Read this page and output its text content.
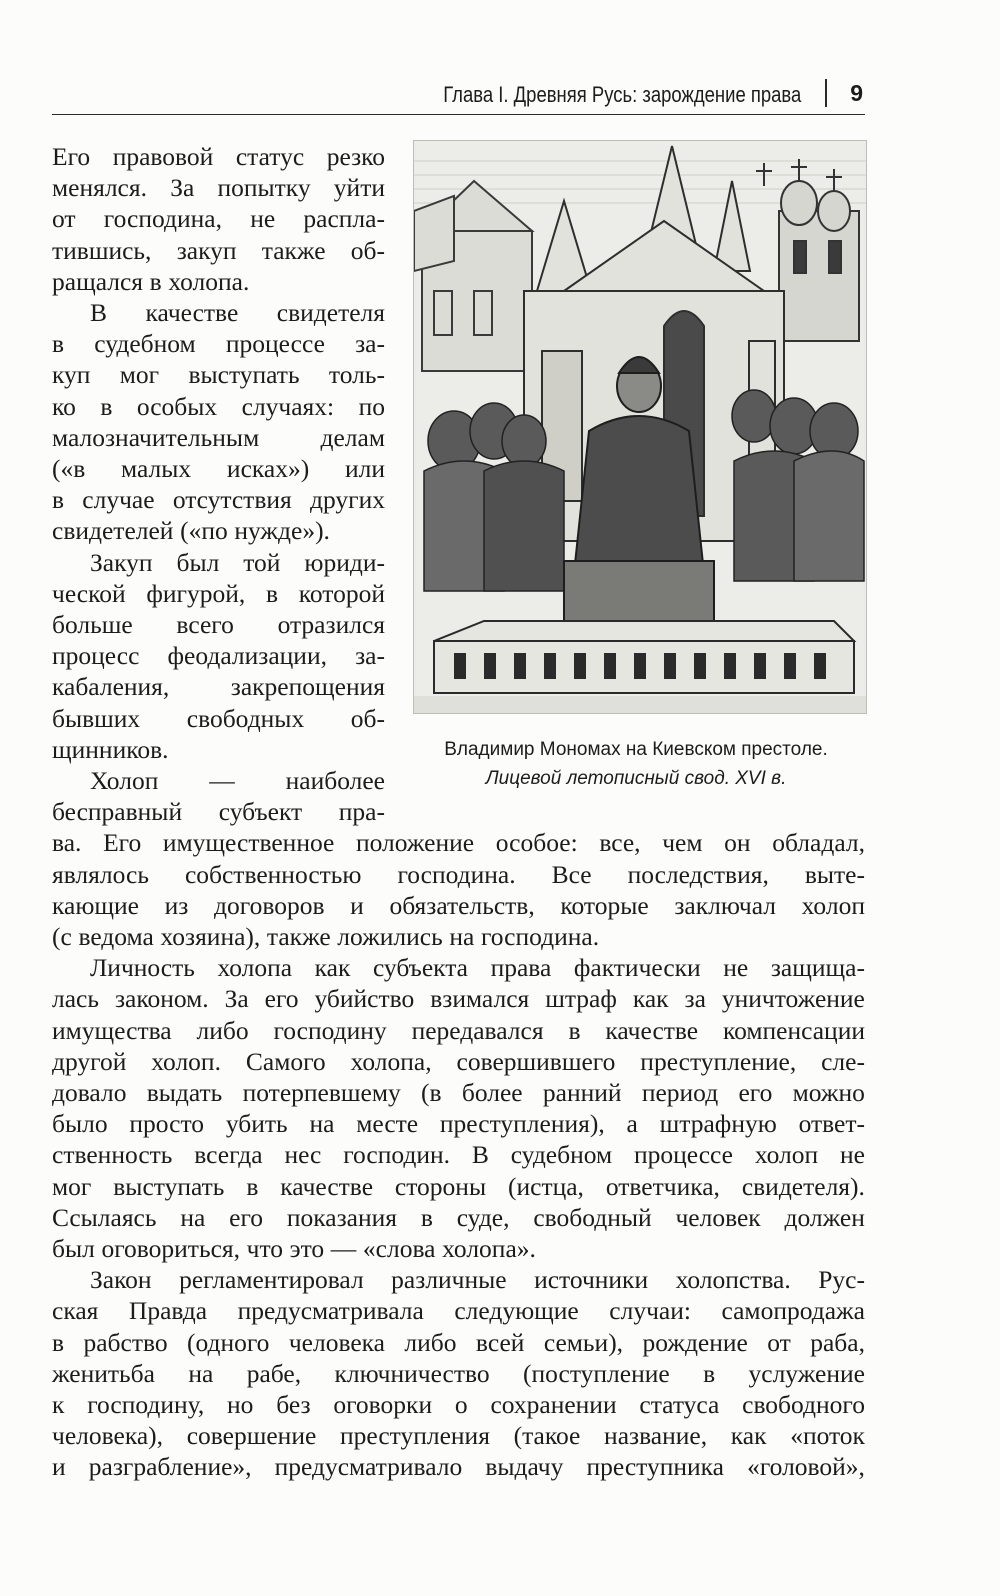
Глава I. Древняя Русь: зарождение права 9
Владимир Мономах на Киевском престоле.
Лицевой летописный свод. XVI в.
Его правовой статус резко
менялся. За попытку уйти
от господина, не распла-
тившись, закуп также об-
ращался в холопа.
В качестве свидетеля
в судебном процессе за-
куп мог выступать толь-
ко в особых случаях: по
малозначительным делам
(«в малых исках») или
в случае отсутствия других
свидетелей («по нужде»).
Закуп был той юриди-
ческой фигурой, в которой
больше всего отразился
процесс феодализации, за-
кабаления, закрепощения
бывших свободных об-
щинников.
Холоп — наиболее
бесправный субъект пра-
ва. Его имущественное положение особое: все, чем он обладал,
являлось собственностью господина. Все последствия, выте-
кающие из договоров и обязательств, которые заключал холоп
(с ведома хозяина), также ложились на господина.
Личность холопа как субъекта права фактически не защища-
лась законом. За его убийство взимался штраф как за уничтожение
имущества либо господину передавался в качестве компенсации
другой холоп. Самого холопа, совершившего преступление, сле-
довало выдать потерпевшему (в более ранний период его можно
было просто убить на месте преступления), а штрафную ответ-
ственность всегда нес господин. В судебном процессе холоп не
мог выступать в качестве стороны (истца, ответчика, свидетеля).
Ссылаясь на его показания в суде, свободный человек должен
был оговориться, что это — «слова холопа».
Закон регламентировал различные источники холопства. Рус-
ская Правда предусматривала следующие случаи: самопродажа
в рабство (одного человека либо всей семьи), рождение от раба,
женитьба на рабе, ключничество (поступление в услужение
к господину, но без оговорки о сохранении статуса свободного
человека), совершение преступления (такое название, как «поток
и разграбление», предусматривало выдачу преступника «головой»,
